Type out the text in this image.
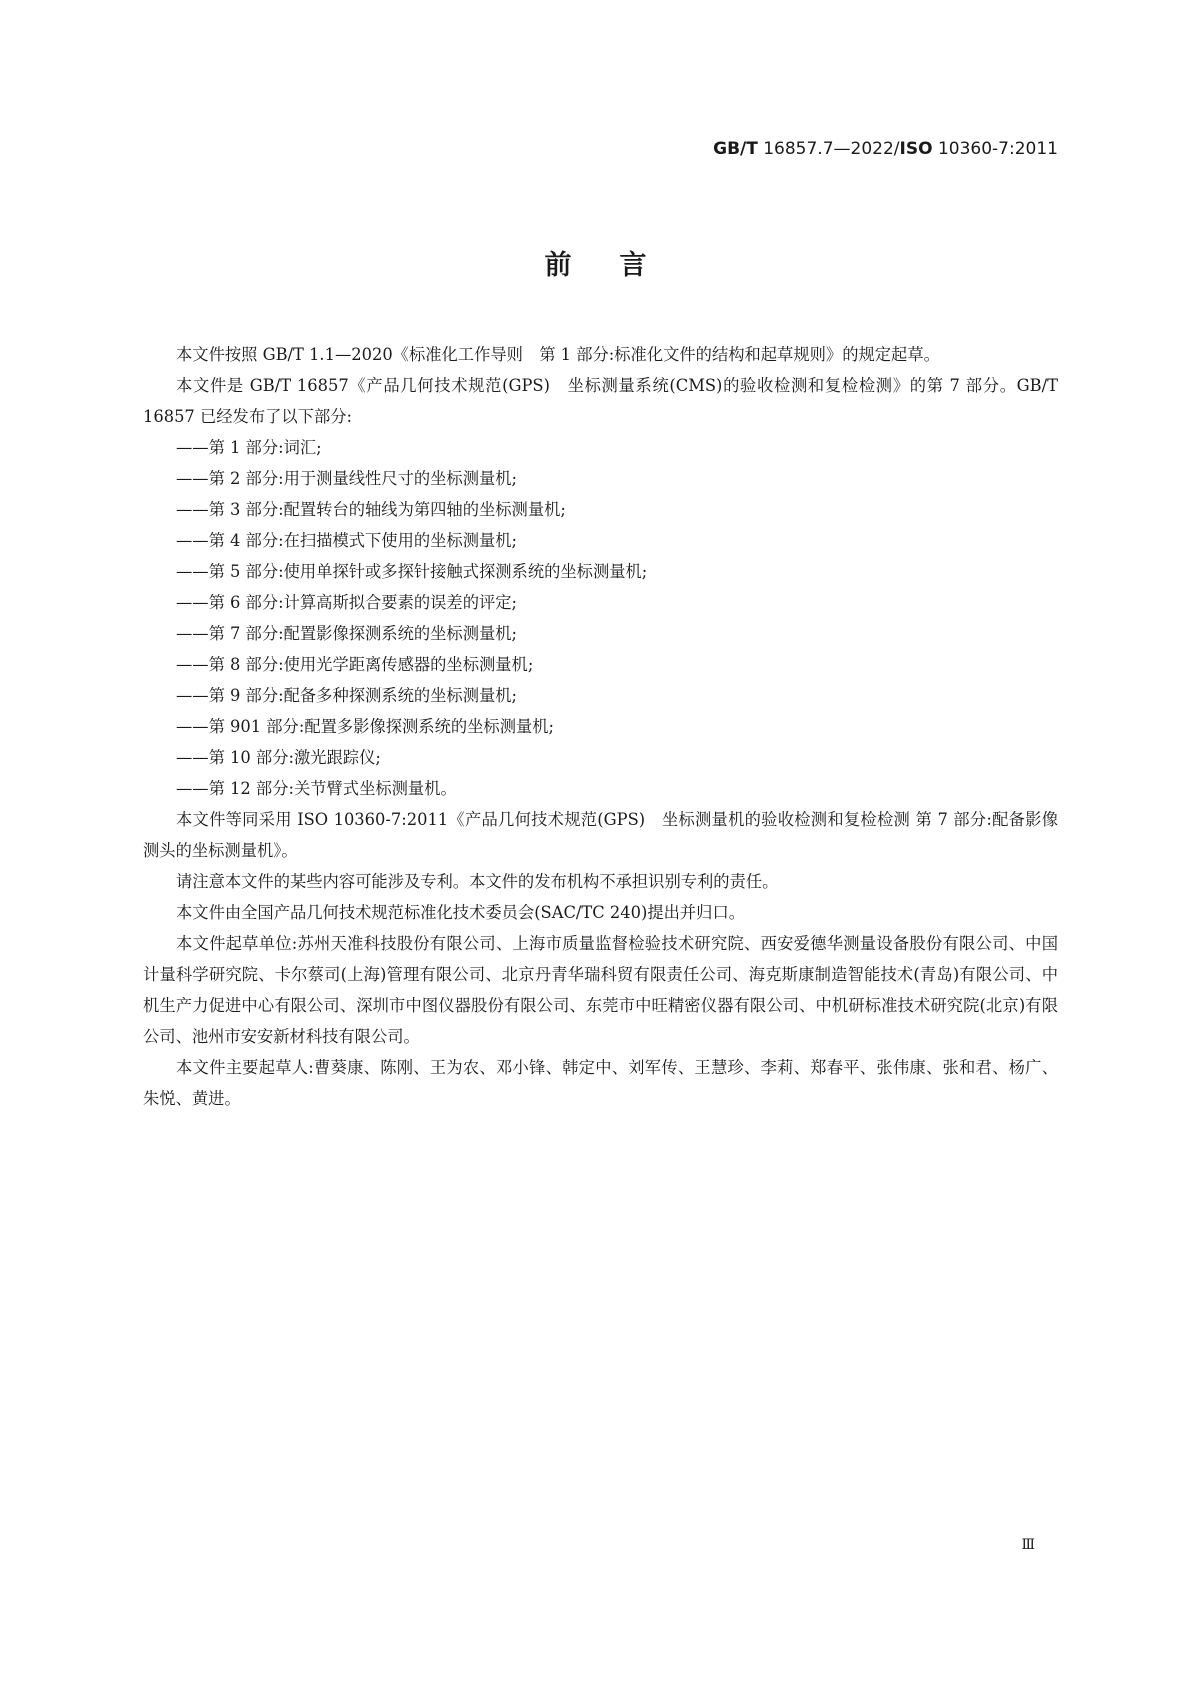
GB/T 16857.7—2022/ISO 10360-7:2011
前言

本文件按照 GB/T 1.1—2020《标准化工作导则　第 1 部分:标准化文件的结构和起草规则》的规定起草。

本文件是 GB/T 16857《产品几何技术规范(GPS)　坐标测量系统(CMS)的验收检测和复检检测》的第 7 部分。GB/T 16857 已经发布了以下部分:

——第 1 部分:词汇;
——第 2 部分:用于测量线性尺寸的坐标测量机;
——第 3 部分:配置转台的轴线为第四轴的坐标测量机;
——第 4 部分:在扫描模式下使用的坐标测量机;
——第 5 部分:使用单探针或多探针接触式探测系统的坐标测量机;
——第 6 部分:计算高斯拟合要素的误差的评定;
——第 7 部分:配置影像探测系统的坐标测量机;
——第 8 部分:使用光学距离传感器的坐标测量机;
——第 9 部分:配备多种探测系统的坐标测量机;
——第 901 部分:配置多影像探测系统的坐标测量机;
——第 10 部分:激光跟踪仪;
——第 12 部分:关节臂式坐标测量机。

本文件等同采用 ISO 10360-7:2011《产品几何技术规范(GPS)　坐标测量机的验收检测和复检检测 第 7 部分:配备影像测头的坐标测量机》。

请注意本文件的某些内容可能涉及专利。本文件的发布机构不承担识别专利的责任。

本文件由全国产品几何技术规范标准化技术委员会(SAC/TC 240)提出并归口。

本文件起草单位:苏州天准科技股份有限公司、上海市质量监督检验技术研究院、西安爱德华测量设备股份有限公司、中国计量科学研究院、卡尔蔡司(上海)管理有限公司、北京丹青华瑞科贸有限责任公司、海克斯康制造智能技术(青岛)有限公司、中机生产力促进中心有限公司、深圳市中图仪器股份有限公司、东莞市中旺精密仪器有限公司、中机研标准技术研究院(北京)有限公司、池州市安安新材科技有限公司。

本文件主要起草人:曹葵康、陈刚、王为农、邓小锋、韩定中、刘军传、王慧珍、李莉、郑春平、张伟康、张和君、杨广、朱悦、黄进。

Ⅲ
